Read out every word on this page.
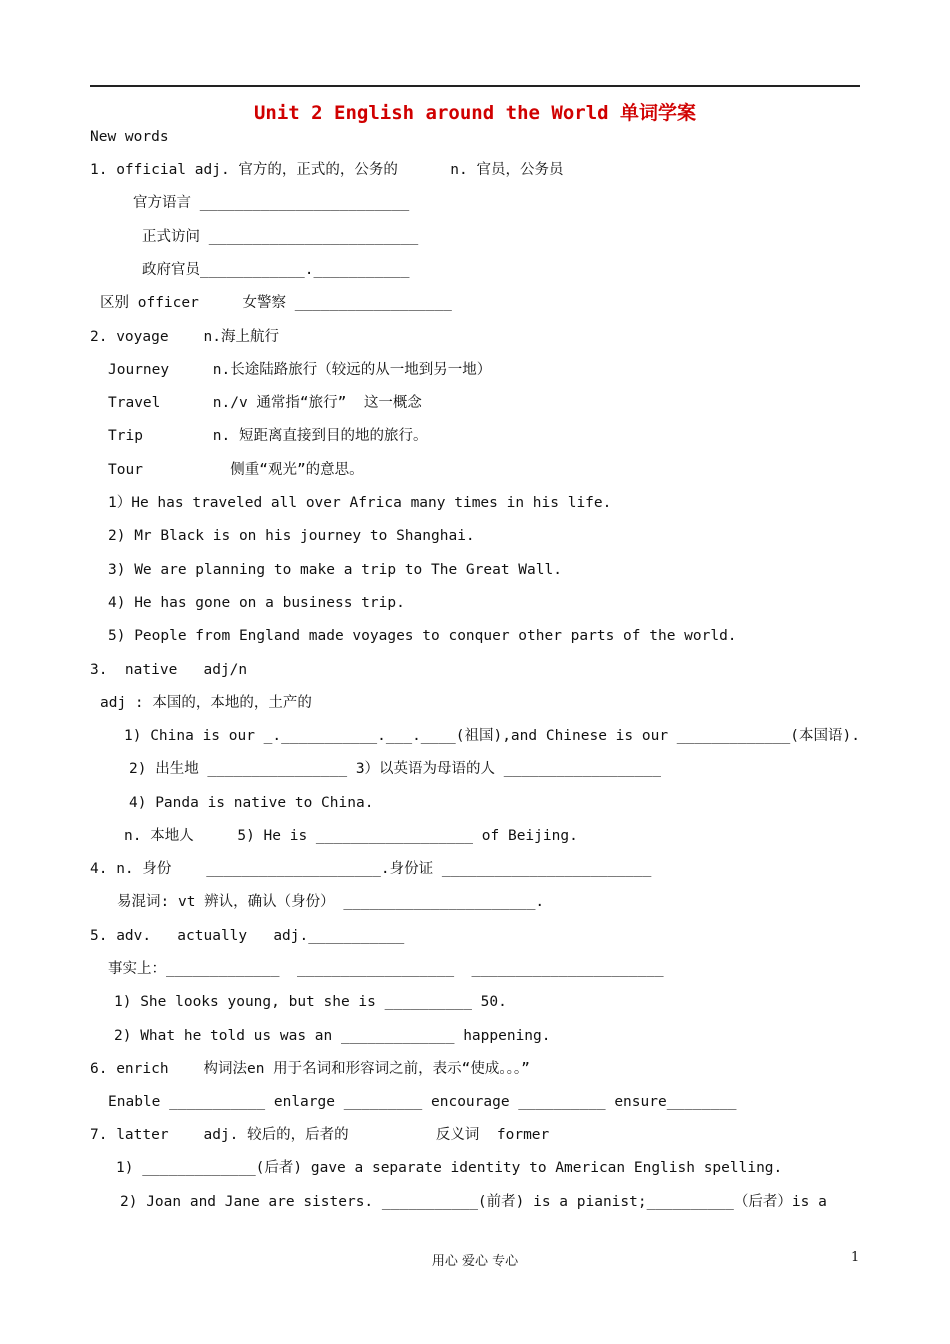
Unit 2 English around the World 单词学案
New words
1. official adj. 官方的，正式的，公务的      n. 官员，公务员
官方语言 ________________________
正式访问 ________________________
政府官员____________.___________
区别 officer     女警察 __________________
2. voyage    n.海上航行
Journey     n.长途陆路旅行（较远的从一地到另一地）
Travel      n./v 通常指“旅行”  这一概念
Trip        n. 短距离直接到目的地的旅行。
Tour          侧重“观光”的意思。
1）He has traveled all over Africa many times in his life.
2) Mr Black is on his journey to Shanghai.
3) We are planning to make a trip to The Great Wall.
4) He has gone on a business trip.
5) People from England made voyages to conquer other parts of the world.
3.  native   adj/n
adj : 本国的，本地的，土产的
1) China is our _.___________.___.____(祖国),and Chinese is our _____________(本国语).
2) 出生地 ________________ 3）以英语为母语的人 __________________
4) Panda is native to China.
n. 本地人     5) He is __________________ of Beijing.
4. n. 身份    ____________________.身份证 ________________________
易混词: vt 辨认，确认（身份） ______________________.
5. adv.   actually   adj.___________
事实上：_____________  __________________  ______________________
1) She looks young, but she is __________ 50.
2) What he told us was an _____________ happening.
6. enrich    构词法en 用于名词和形容词之前，表示“使成。。。”
Enable ___________ enlarge _________ encourage __________ ensure________
7. latter    adj. 较后的，后者的          反义词  former
1) _____________(后者) gave a separate identity to American English spelling.
2) Joan and Jane are sisters. ___________(前者) is a pianist;__________（后者）is a
用心 爱心 专心	1
